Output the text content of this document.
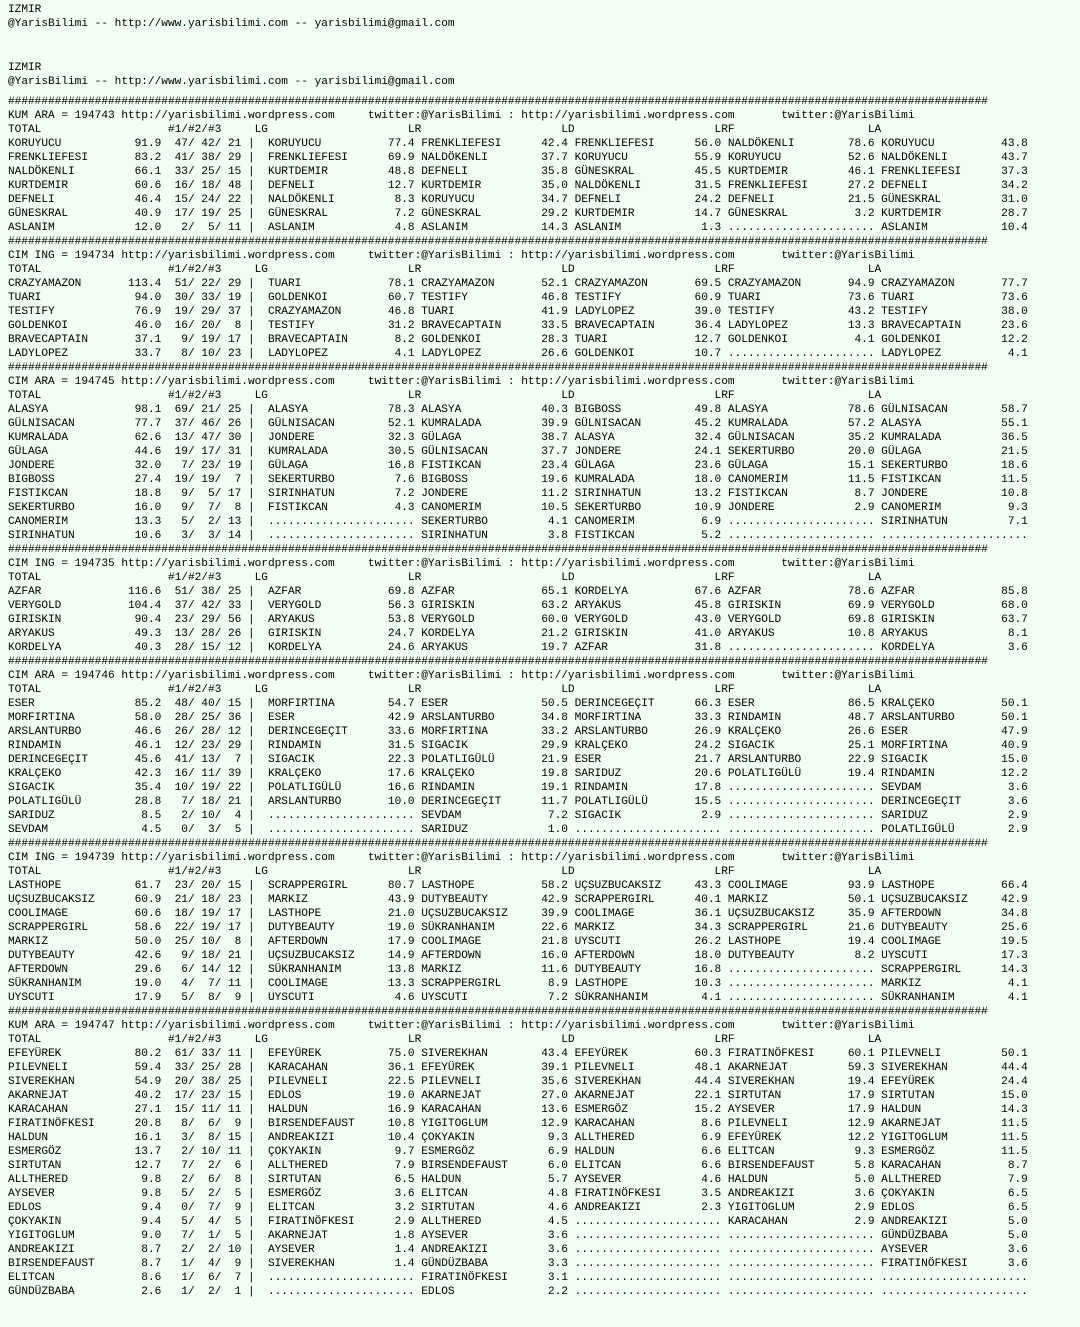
IZMIR
@YarisBilimi -- http://www.yarisbilimi.com -- yarisbilimi@gmail.com
IZMIR
@YarisBilimi -- http://www.yarisbilimi.com -- yarisbilimi@gmail.com
###################################################################################################################################################
KUM ARA = 194743 http://yarisbilimi.wordpress.com     twitter:@YarisBilimi : http://yarisbilimi.wordpress.com       twitter:@YarisBilimi
TOTAL                   #1/#2/#3     LG                     LR                     LD                     LRF                    LA
KORUYUCU           91.9  47/ 42/ 21 |  KORUYUCU          77.4 FRENKLIEFESI      42.4 FRENKLIEFESI      56.0 NALDÖKENLI        78.6 KORUYUCU          43.8
FRENKLIEFESI       83.2  41/ 38/ 29 |  FRENKLIEFESI      69.9 NALDÖKENLI        37.7 KORUYUCU          55.9 KORUYUCU          52.6 NALDÖKENLI        43.7
NALDÖKENLI         66.1  33/ 25/ 15 |  KURTDEMIR         48.8 DEFNELI           35.8 GÜNESKRAL         45.5 KURTDEMIR         46.1 FRENKLIEFESI      37.3
KURTDEMIR          60.6  16/ 18/ 48 |  DEFNELI           12.7 KURTDEMIR         35.0 NALDÖKENLI        31.5 FRENKLIEFESI      27.2 DEFNELI           34.2
DEFNELI            46.4  15/ 24/ 22 |  NALDÖKENLI         8.3 KORUYUCU          34.7 DEFNELI           24.2 DEFNELI           21.5 GÜNESKRAL         31.0
GÜNESKRAL          40.9  17/ 19/ 25 |  GÜNESKRAL          7.2 GÜNESKRAL         29.2 KURTDEMIR         14.7 GÜNESKRAL          3.2 KURTDEMIR         28.7
ASLANIM            12.0   2/  5/ 11 |  ASLANIM            4.8 ASLANIM           14.3 ASLANIM            1.3 ...................... ASLANIM           10.4
###################################################################################################################################################
CIM ING = 194734 http://yarisbilimi.wordpress.com     twitter:@YarisBilimi : http://yarisbilimi.wordpress.com       twitter:@YarisBilimi
TOTAL                   #1/#2/#3     LG                     LR                     LD                     LRF                    LA
CRAZYAMAZON       113.4  51/ 22/ 29 |  TUARI             78.1 CRAZYAMAZON       52.1 CRAZYAMAZON       69.5 CRAZYAMAZON       94.9 CRAZYAMAZON       77.7
TUARI              94.0  30/ 33/ 19 |  GOLDENKOI         60.7 TESTIFY           46.8 TESTIFY           60.9 TUARI             73.6 TUARI             73.6
TESTIFY            76.9  19/ 29/ 37 |  CRAZYAMAZON       46.8 TUARI             41.9 LADYLOPEZ         39.0 TESTIFY           43.2 TESTIFY           38.0
GOLDENKOI          46.0  16/ 20/  8 |  TESTIFY           31.2 BRAVECAPTAIN      33.5 BRAVECAPTAIN      36.4 LADYLOPEZ         13.3 BRAVECAPTAIN      23.6
BRAVECAPTAIN       37.1   9/ 19/ 17 |  BRAVECAPTAIN       8.2 GOLDENKOI         28.3 TUARI             12.7 GOLDENKOI          4.1 GOLDENKOI         12.2
LADYLOPEZ          33.7   8/ 10/ 23 |  LADYLOPEZ          4.1 LADYLOPEZ         26.6 GOLDENKOI         10.7 ...................... LADYLOPEZ          4.1
###################################################################################################################################################
CIM ARA = 194745 http://yarisbilimi.wordpress.com     twitter:@YarisBilimi : http://yarisbilimi.wordpress.com       twitter:@YarisBilimi
TOTAL                   #1/#2/#3     LG                     LR                     LD                     LRF                    LA
ALASYA             98.1  69/ 21/ 25 |  ALASYA            78.3 ALASYA            40.3 BIGBOSS           49.8 ALASYA            78.6 GÜLNISACAN        58.7
GÜLNISACAN         77.7  37/ 46/ 26 |  GÜLNISACAN        52.1 KUMRALADA         39.9 GÜLNISACAN        45.2 KUMRALADA         57.2 ALASYA            55.1
KUMRALADA          62.6  13/ 47/ 30 |  JONDERE           32.3 GÜLAGA            38.7 ALASYA            32.4 GÜLNISACAN        35.2 KUMRALADA         36.5
GÜLAGA             44.6  19/ 17/ 31 |  KUMRALADA         30.5 GÜLNISACAN        37.7 JONDERE           24.1 SEKERTURBO        20.0 GÜLAGA            21.5
JONDERE            32.0   7/ 23/ 19 |  GÜLAGA            16.8 FISTIKCAN         23.4 GÜLAGA            23.6 GÜLAGA            15.1 SEKERTURBO        18.6
BIGBOSS            27.4  19/ 19/  7 |  SEKERTURBO         7.6 BIGBOSS           19.6 KUMRALADA         18.0 CANOMERIM         11.5 FISTIKCAN         11.5
FISTIKCAN          18.8   9/  5/ 17 |  SIRINHATUN         7.2 JONDERE           11.2 SIRINHATUN        13.2 FISTIKCAN          8.7 JONDERE           10.8
SEKERTURBO         16.0   9/  7/  8 |  FISTIKCAN          4.3 CANOMERIM         10.5 SEKERTURBO        10.9 JONDERE            2.9 CANOMERIM          9.3
CANOMERIM          13.3   5/  2/ 13 |  ...................... SEKERTURBO         4.1 CANOMERIM          6.9 ...................... SIRINHATUN         7.1
SIRINHATUN         10.6   3/  3/ 14 |  ...................... SIRINHATUN         3.8 FISTIKCAN          5.2 ...................... ......................
###################################################################################################################################################
CIM ING = 194735 http://yarisbilimi.wordpress.com     twitter:@YarisBilimi : http://yarisbilimi.wordpress.com       twitter:@YarisBilimi
TOTAL                   #1/#2/#3     LG                     LR                     LD                     LRF                    LA
AZFAR             116.6  51/ 38/ 25 |  AZFAR             69.8 AZFAR             65.1 KORDELYA          67.6 AZFAR             78.6 AZFAR             85.8
VERYGOLD          104.4  37/ 42/ 33 |  VERYGOLD          56.3 GIRISKIN          63.2 ARYAKUS           45.8 GIRISKIN          69.9 VERYGOLD          68.0
GIRISKIN           90.4  23/ 29/ 56 |  ARYAKUS           53.8 VERYGOLD          60.0 VERYGOLD          43.0 VERYGOLD          69.8 GIRISKIN          63.7
ARYAKUS            49.3  13/ 28/ 26 |  GIRISKIN          24.7 KORDELYA          21.2 GIRISKIN          41.0 ARYAKUS           10.8 ARYAKUS            8.1
KORDELYA           40.3  28/ 15/ 12 |  KORDELYA          24.6 ARYAKUS           19.7 AZFAR             31.8 ...................... KORDELYA           3.6
###################################################################################################################################################
CIM ARA = 194746 http://yarisbilimi.wordpress.com     twitter:@YarisBilimi : http://yarisbilimi.wordpress.com       twitter:@YarisBilimi
TOTAL                   #1/#2/#3     LG                     LR                     LD                     LRF                    LA
ESER               85.2  48/ 40/ 15 |  MORFIRTINA        54.7 ESER              50.5 DERINCEGEÇIT      66.3 ESER              86.5 KRALÇEKO          50.1
MORFIRTINA         58.0  28/ 25/ 36 |  ESER              42.9 ARSLANTURBO       34.8 MORFIRTINA        33.3 RINDAMIN          48.7 ARSLANTURBO       50.1
ARSLANTURBO        46.6  26/ 28/ 12 |  DERINCEGEÇIT      33.6 MORFIRTINA        33.2 ARSLANTURBO       26.9 KRALÇEKO          26.6 ESER              47.9
RINDAMIN           46.1  12/ 23/ 29 |  RINDAMIN          31.5 SIGACIK           29.9 KRALÇEKO          24.2 SIGACIK           25.1 MORFIRTINA        40.9
DERINCEGEÇIT       45.6  41/ 13/  7 |  SIGACIK           22.3 POLATLIGÜLÜ       21.9 ESER              21.7 ARSLANTURBO       22.9 SIGACIK           15.0
KRALÇEKO           42.3  16/ 11/ 39 |  KRALÇEKO          17.6 KRALÇEKO          19.8 SARIDUZ           20.6 POLATLIGÜLÜ       19.4 RINDAMIN          12.2
SIGACIK            35.4  10/ 19/ 22 |  POLATLIGÜLÜ       16.6 RINDAMIN          19.1 RINDAMIN          17.8 ...................... SEVDAM             3.6
POLATLIGÜLÜ        28.8   7/ 18/ 21 |  ARSLANTURBO       10.0 DERINCEGEÇIT      11.7 POLATLIGÜLÜ       15.5 ...................... DERINCEGEÇIT       3.6
SARIDUZ             8.5   2/ 10/  4 |  ...................... SEVDAM             7.2 SIGACIK            2.9 ...................... SARIDUZ            2.9
SEVDAM              4.5   0/  3/  5 |  ...................... SARIDUZ            1.0 ...................... ...................... POLATLIGÜLÜ        2.9
###################################################################################################################################################
CIM ING = 194739 http://yarisbilimi.wordpress.com     twitter:@YarisBilimi : http://yarisbilimi.wordpress.com       twitter:@YarisBilimi
TOTAL                   #1/#2/#3     LG                     LR                     LD                     LRF                    LA
LASTHOPE           61.7  23/ 20/ 15 |  SCRAPPERGIRL      80.7 LASTHOPE          58.2 UÇSUZBUCAKSIZ     43.3 COOLIMAGE         93.9 LASTHOPE          66.4
UÇSUZBUCAKSIZ      60.9  21/ 18/ 23 |  MARKIZ            43.9 DUTYBEAUTY        42.9 SCRAPPERGIRL      40.1 MARKIZ            50.1 UÇSUZBUCAKSIZ     42.9
COOLIMAGE          60.6  18/ 19/ 17 |  LASTHOPE          21.0 UÇSUZBUCAKSIZ     39.9 COOLIMAGE         36.1 UÇSUZBUCAKSIZ     35.9 AFTERDOWN         34.8
SCRAPPERGIRL       58.6  22/ 19/ 17 |  DUTYBEAUTY        19.0 SÜKRANHANIM       22.6 MARKIZ            34.3 SCRAPPERGIRL      21.6 DUTYBEAUTY        25.6
MARKIZ             50.0  25/ 10/  8 |  AFTERDOWN         17.9 COOLIMAGE         21.8 UYSCUTI           26.2 LASTHOPE          19.4 COOLIMAGE         19.5
DUTYBEAUTY         42.6   9/ 18/ 21 |  UÇSUZBUCAKSIZ     14.9 AFTERDOWN         16.0 AFTERDOWN         18.0 DUTYBEAUTY         8.2 UYSCUTI           17.3
AFTERDOWN          29.6   6/ 14/ 12 |  SÜKRANHANIM       13.8 MARKIZ            11.6 DUTYBEAUTY        16.8 ...................... SCRAPPERGIRL      14.3
SÜKRANHANIM        19.0   4/  7/ 11 |  COOLIMAGE         13.3 SCRAPPERGIRL       8.9 LASTHOPE          10.3 ...................... MARKIZ             4.1
UYSCUTI            17.9   5/  8/  9 |  UYSCUTI            4.6 UYSCUTI            7.2 SÜKRANHANIM        4.1 ...................... SÜKRANHANIM        4.1
###################################################################################################################################################
KUM ARA = 194747 http://yarisbilimi.wordpress.com     twitter:@YarisBilimi : http://yarisbilimi.wordpress.com       twitter:@YarisBilimi
TOTAL                   #1/#2/#3     LG                     LR                     LD                     LRF                    LA
EFEYÜREK           80.2  61/ 33/ 11 |  EFEYÜREK          75.0 SIVEREKHAN        43.4 EFEYÜREK          60.3 FIRATINÖFKESI     60.1 PILEVNELI         50.1
PILEVNELI          59.4  33/ 25/ 28 |  KARACAHAN         36.1 EFEYÜREK          39.1 PILEVNELI         48.1 AKARNEJAT         59.3 SIVEREKHAN        44.4
SIVEREKHAN         54.9  20/ 38/ 25 |  PILEVNELI         22.5 PILEVNELI         35.6 SIVEREKHAN        44.4 SIVEREKHAN        19.4 EFEYÜREK          24.4
AKARNEJAT          40.2  17/ 23/ 15 |  EDLOS             19.0 AKARNEJAT         27.0 AKARNEJAT         22.1 SIRTUTAN          17.9 SIRTUTAN          15.0
KARACAHAN          27.1  15/ 11/ 11 |  HALDUN            16.9 KARACAHAN         13.6 ESMERGÖZ          15.2 AYSEVER           17.9 HALDUN            14.3
FIRATINÖFKESI      20.8   8/  6/  9 |  BIRSENDEFAUST     10.8 YIGITOGLUM        12.9 KARACAHAN          8.6 PILEVNELI         12.9 AKARNEJAT         11.5
HALDUN             16.1   3/  8/ 15 |  ANDREAKIZI        10.4 ÇOKYAKIN           9.3 ALLTHERED          6.9 EFEYÜREK          12.2 YIGITOGLUM        11.5
ESMERGÖZ           13.7   2/ 10/ 11 |  ÇOKYAKIN           9.7 ESMERGÖZ           6.9 HALDUN             6.6 ELITCAN            9.3 ESMERGÖZ          11.5
SIRTUTAN           12.7   7/  2/  6 |  ALLTHERED          7.9 BIRSENDEFAUST      6.0 ELITCAN            6.6 BIRSENDEFAUST      5.8 KARACAHAN          8.7
ALLTHERED           9.8   2/  6/  8 |  SIRTUTAN           6.5 HALDUN             5.7 AYSEVER            4.6 HALDUN             5.0 ALLTHERED          7.9
AYSEVER             9.8   5/  2/  5 |  ESMERGÖZ           3.6 ELITCAN            4.8 FIRATINÖFKESI      3.5 ANDREAKIZI         3.6 ÇOKYAKIN           6.5
EDLOS               9.4   0/  7/  9 |  ELITCAN            3.2 SIRTUTAN           4.6 ANDREAKIZI         2.3 YIGITOGLUM         2.9 EDLOS              6.5
ÇOKYAKIN            9.4   5/  4/  5 |  FIRATINÖFKESI      2.9 ALLTHERED          4.5 ...................... KARACAHAN          2.9 ANDREAKIZI         5.0
YIGITOGLUM          9.0   7/  1/  5 |  AKARNEJAT          1.8 AYSEVER            3.6 ...................... ...................... GÜNDÜZBABA         5.0
ANDREAKIZI          8.7   2/  2/ 10 |  AYSEVER            1.4 ANDREAKIZI         3.6 ...................... ...................... AYSEVER            3.6
BIRSENDEFAUST       8.7   1/  4/  9 |  SIVEREKHAN         1.4 GÜNDÜZBABA         3.3 ...................... ...................... FIRATINÖFKESI      3.6
ELITCAN             8.6   1/  6/  7 |  ...................... FIRATINÖFKESI      3.1 ...................... ...................... ......................
GÜNDÜZBABA          2.6   1/  2/  1 |  ...................... EDLOS              2.2 ...................... ...................... ......................
